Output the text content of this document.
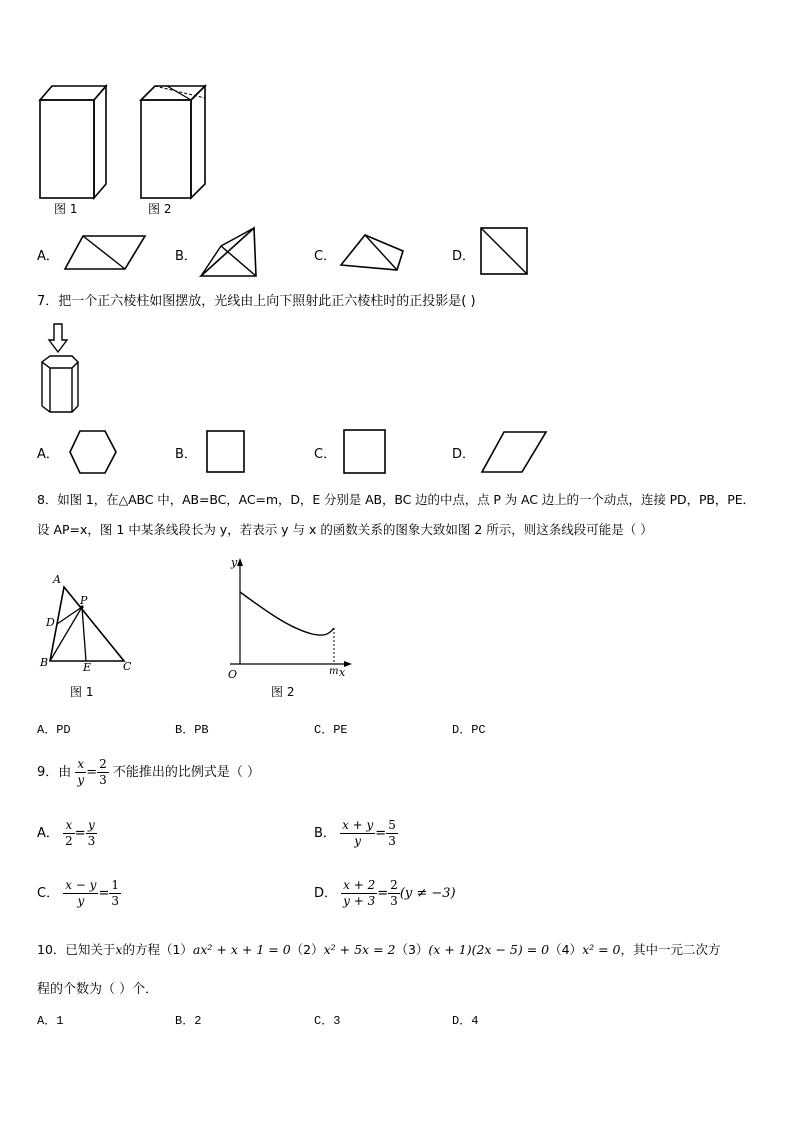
图 1	图 2
A．	B．	C．	D．
7．把一个正六棱柱如图摆放，光线由上向下照射此正六棱柱时的正投影是( )
A．	B．	C．	D．
8．如图 1，在△ABC 中，AB=BC，AC=m，D，E 分别是 AB，BC 边的中点，点 P 为 AC 边上的一个动点，连接 PD，PB，PE．
设 AP=x，图 1 中某条线段长为 y，若表示 y 与 x 的函数关系的图象大致如图 2 所示，则这条线段可能是（ ）
A
P
D
B	E	C
图 1
y
O	m x
图 2
A．PD	B．PB	C．PE	D．PC
9．由 $\frac{x}{y} = \frac{2}{3}$ 不能推出的比例式是（ ）
A． $\frac{x}{2} = \frac{y}{3}$	B． $\frac{x + y}{y} = \frac{5}{3}$
C． $\frac{x - y}{y} = \frac{1}{3}$	D． $\frac{x + 2}{y + 3} = \frac{2}{3} (y \ne -3)$
10．已知关于x的方程（1）ax² + x + 1 = 0（2）x² + 5x = 2（3）(x + 1)(2x − 5) = 0（4）x² = 0，其中一元二次方
程的个数为（ ）个．
A．1	B．2	C．3	D．4
